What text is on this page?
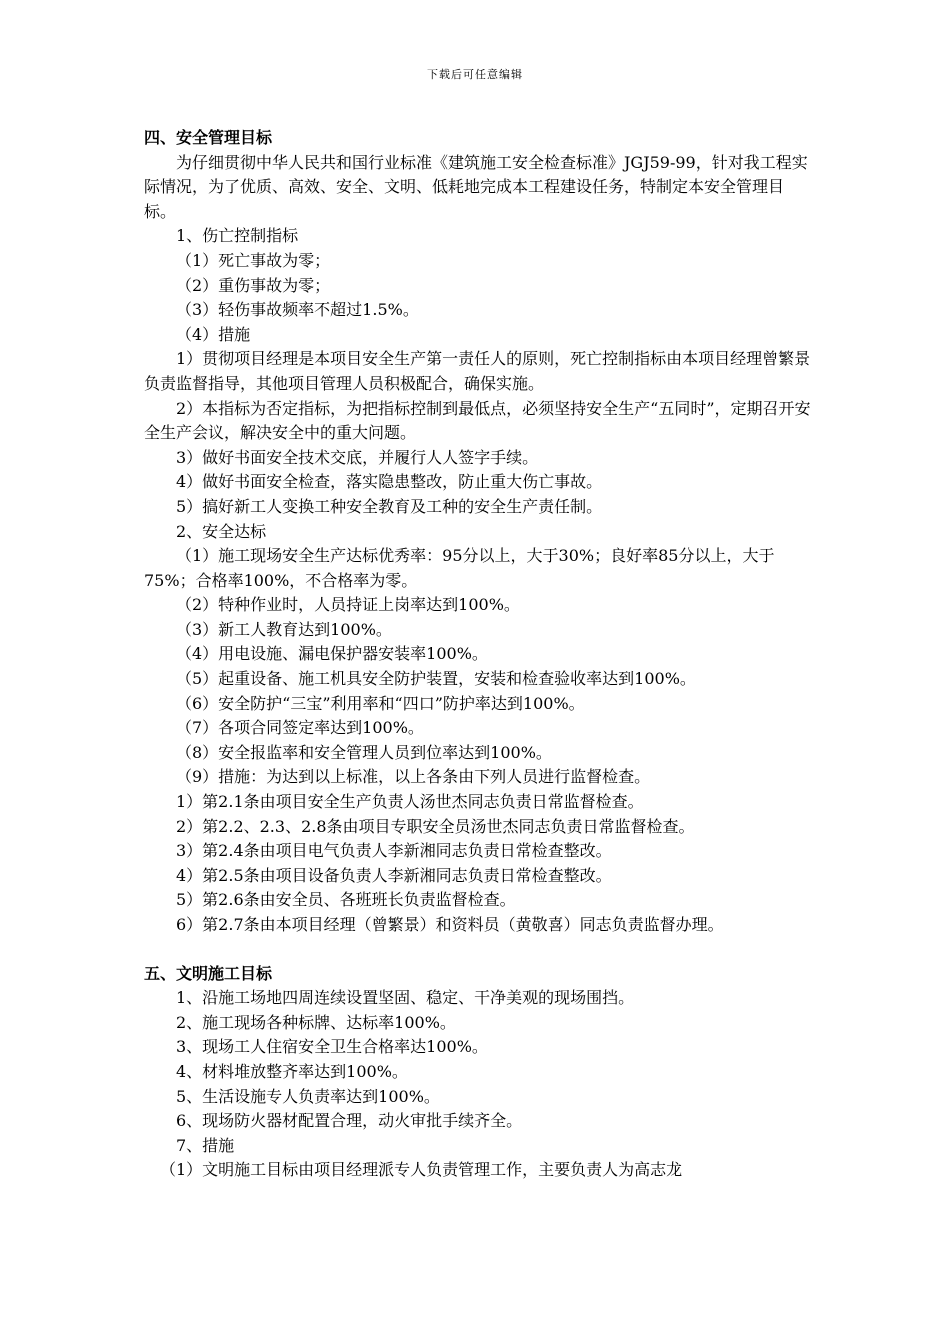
下载后可任意编辑
四、安全管理目标

为仔细贯彻中华人民共和国行业标准《建筑施工安全检查标准》JGJ59-99，针对我工程实际情况，为了优质、高效、安全、文明、低耗地完成本工程建设任务，特制定本安全管理目标。

1、伤亡控制指标

（1）死亡事故为零；

（2）重伤事故为零；

（3）轻伤事故频率不超过1.5%。

（4）措施

1）贯彻项目经理是本项目安全生产第一责任人的原则，死亡控制指标由本项目经理曾繁景负责监督指导，其他项目管理人员积极配合，确保实施。

2）本指标为否定指标，为把指标控制到最低点，必须坚持安全生产“五同时”，定期召开安全生产会议，解决安全中的重大问题。

3）做好书面安全技术交底，并履行人人签字手续。

4）做好书面安全检查，落实隐患整改，防止重大伤亡事故。

5）搞好新工人变换工种安全教育及工种的安全生产责任制。

2、安全达标

（1）施工现场安全生产达标优秀率：95分以上，大于30%；良好率85分以上，大于75%；合格率100%，不合格率为零。

（2）特种作业时，人员持证上岗率达到100%。

（3）新工人教育达到100%。

（4）用电设施、漏电保护器安装率100%。

（5）起重设备、施工机具安全防护装置，安装和检查验收率达到100%。

（6）安全防护“三宝”利用率和“四口”防护率达到100%。

（7）各项合同签定率达到100%。

（8）安全报监率和安全管理人员到位率达到100%。

（9）措施：为达到以上标准，以上各条由下列人员进行监督检查。

1）第2.1条由项目安全生产负责人汤世杰同志负责日常监督检查。

2）第2.2、2.3、2.8条由项目专职安全员汤世杰同志负责日常监督检查。

3）第2.4条由项目电气负责人李新湘同志负责日常检查整改。

4）第2.5条由项目设备负责人李新湘同志负责日常检查整改。

5）第2.6条由安全员、各班班长负责监督检查。

6）第2.7条由本项目经理（曾繁景）和资料员（黄敬喜）同志负责监督办理。

五、文明施工目标

1、沿施工场地四周连续设置坚固、稳定、干净美观的现场围挡。

2、施工现场各种标牌、达标率100%。

3、现场工人住宿安全卫生合格率达100%。

4、材料堆放整齐率达到100%。

5、生活设施专人负责率达到100%。

6、现场防火器材配置合理，动火审批手续齐全。

7、措施

（1）文明施工目标由项目经理派专人负责管理工作，主要负责人为高志龙
